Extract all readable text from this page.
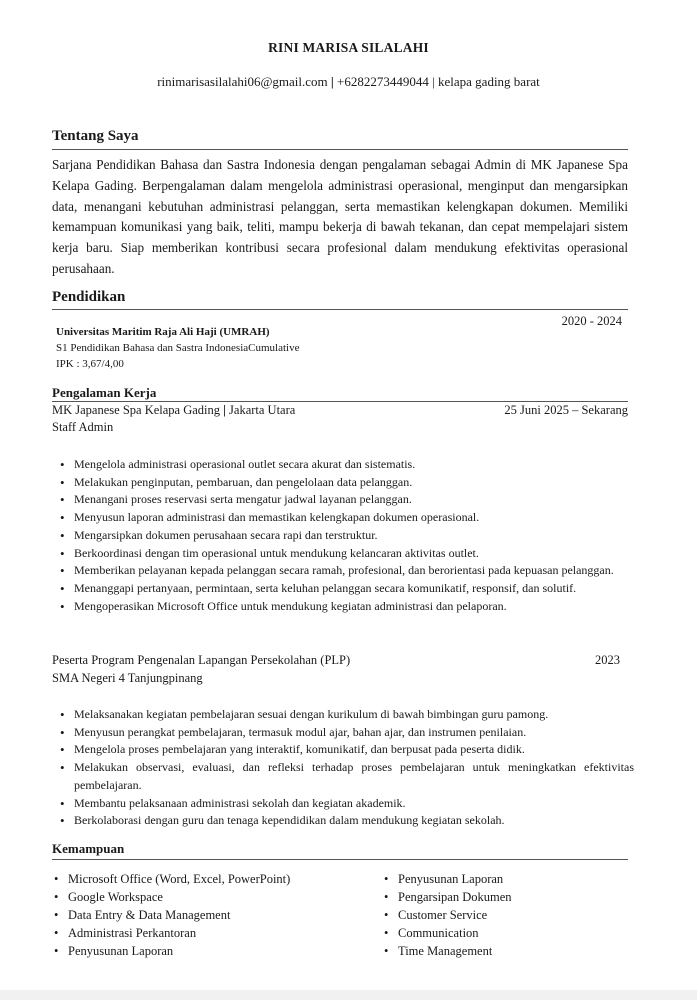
RINI MARISA SILALAHI
rinimarisasilalahi06@gmail.com | +6282273449044 | kelapa gading barat
Tentang Saya
Sarjana Pendidikan Bahasa dan Sastra Indonesia dengan pengalaman sebagai Admin di MK Japanese Spa Kelapa Gading. Berpengalaman dalam mengelola administrasi operasional, menginput dan mengarsipkan data, menangani kebutuhan administrasi pelanggan, serta memastikan kelengkapan dokumen. Memiliki kemampuan komunikasi yang baik, teliti, mampu bekerja di bawah tekanan, dan cepat mempelajari sistem kerja baru. Siap memberikan kontribusi secara profesional dalam mendukung efektivitas operasional perusahaan.
Pendidikan
2020 - 2024
Universitas Maritim Raja Ali Haji (UMRAH)
S1 Pendidikan Bahasa dan Sastra IndonesiaCumulative
IPK : 3,67/4,00
Pengalaman Kerja
MK Japanese Spa Kelapa Gading | Jakarta Utara	25 Juni 2025 – Sekarang
Staff Admin
• Mengelola administrasi operasional outlet secara akurat dan sistematis.
• Melakukan penginputan, pembaruan, dan pengelolaan data pelanggan.
• Menangani proses reservasi serta mengatur jadwal layanan pelanggan.
• Menyusun laporan administrasi dan memastikan kelengkapan dokumen operasional.
• Mengarsipkan dokumen perusahaan secara rapi dan terstruktur.
• Berkoordinasi dengan tim operasional untuk mendukung kelancaran aktivitas outlet.
• Memberikan pelayanan kepada pelanggan secara ramah, profesional, dan berorientasi pada kepuasan pelanggan.
• Menanggapi pertanyaan, permintaan, serta keluhan pelanggan secara komunikatif, responsif, dan solutif.
• Mengoperasikan Microsoft Office untuk mendukung kegiatan administrasi dan pelaporan.
Peserta Program Pengenalan Lapangan Persekolahan (PLP)	2023
SMA Negeri 4 Tanjungpinang
• Melaksanakan kegiatan pembelajaran sesuai dengan kurikulum di bawah bimbingan guru pamong.
• Menyusun perangkat pembelajaran, termasuk modul ajar, bahan ajar, dan instrumen penilaian.
• Mengelola proses pembelajaran yang interaktif, komunikatif, dan berpusat pada peserta didik.
• Melakukan observasi, evaluasi, dan refleksi terhadap proses pembelajaran untuk meningkatkan efektivitas pembelajaran.
• Membantu pelaksanaan administrasi sekolah dan kegiatan akademik.
• Berkolaborasi dengan guru dan tenaga kependidikan dalam mendukung kegiatan sekolah.
Kemampuan
• Microsoft Office (Word, Excel, PowerPoint)
• Google Workspace
• Data Entry & Data Management
• Administrasi Perkantoran
• Penyusunan Laporan
• Penyusunan Laporan
• Pengarsipan Dokumen
• Customer Service
• Communication
• Time Management
